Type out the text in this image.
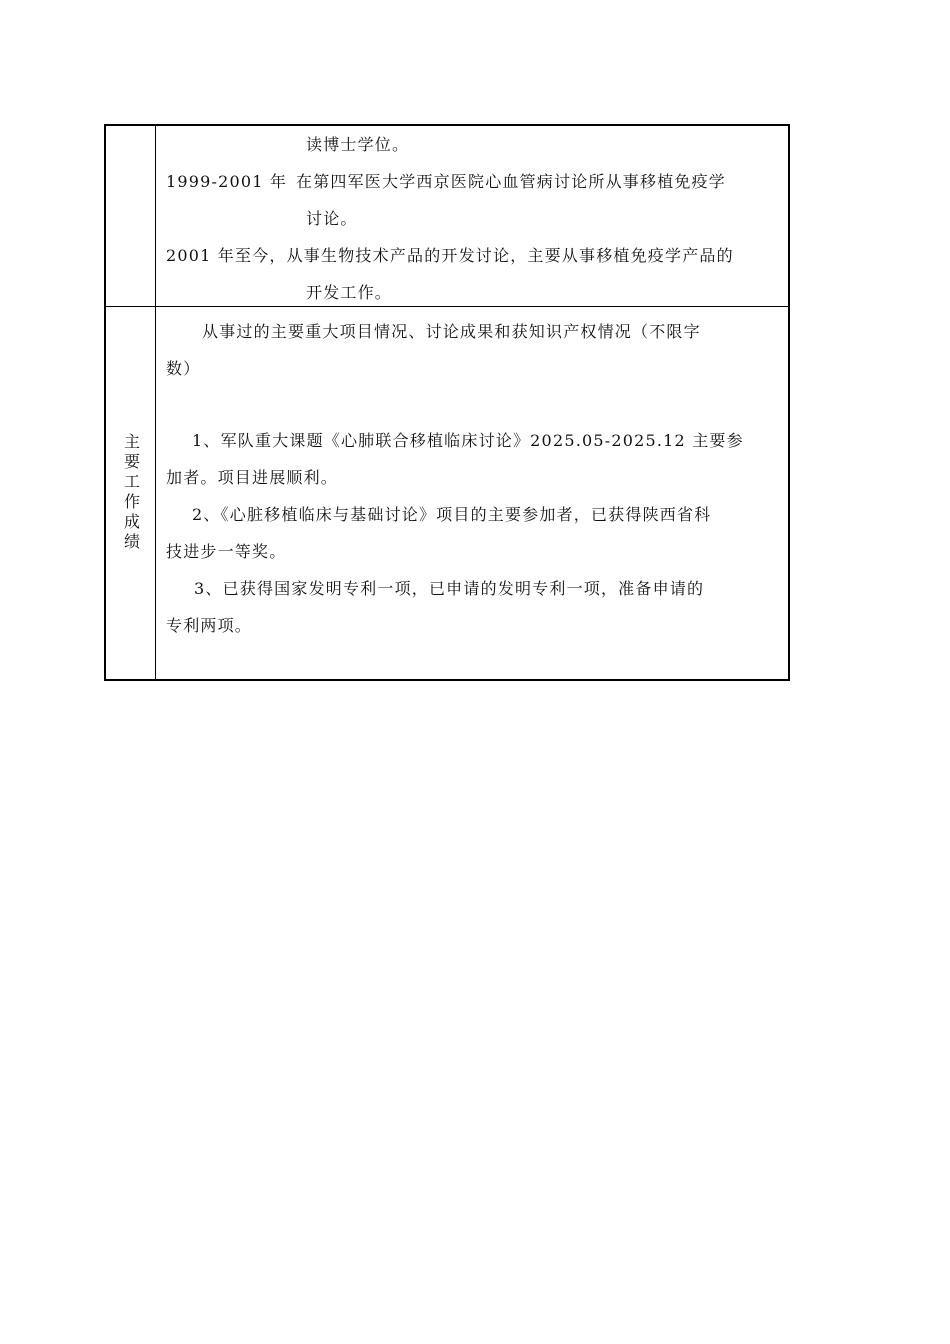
读博士学位。
1999-2001 年 在第四军医大学西京医院心血管病讨论所从事移植免疫学
讨论。
2001 年至今，从事生物技术产品的开发讨论，主要从事移植免疫学产品的
开发工作。
主要工作成绩
从事过的主要重大项目情况、讨论成果和获知识产权情况（不限字
数）
1、军队重大课题《心肺联合移植临床讨论》2025.05-2025.12 主要参
加者。项目进展顺利。
2、《心脏移植临床与基础讨论》项目的主要参加者，已获得陕西省科
技进步一等奖。
3、已获得国家发明专利一项，已申请的发明专利一项，准备申请的
专利两项。
